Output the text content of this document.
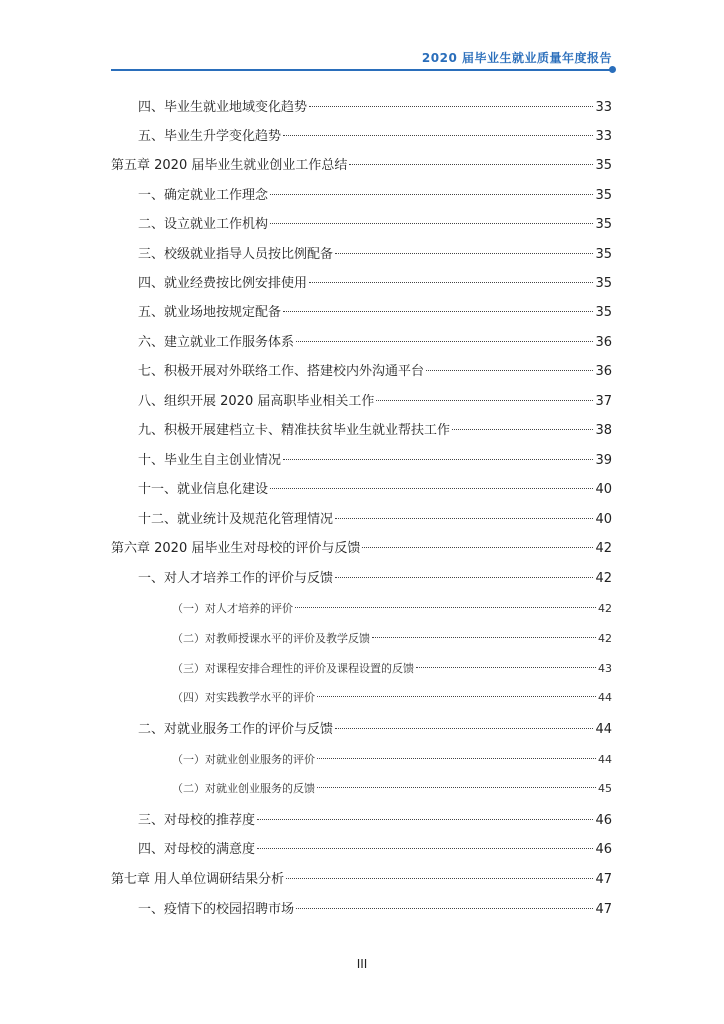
2020 届毕业生就业质量年度报告
四、毕业生就业地域变化趋势	33
五、毕业生升学变化趋势	33
第五章 2020 届毕业生就业创业工作总结	35
一、确定就业工作理念	35
二、设立就业工作机构	35
三、校级就业指导人员按比例配备	35
四、就业经费按比例安排使用	35
五、就业场地按规定配备	35
六、建立就业工作服务体系	36
七、积极开展对外联络工作、搭建校内外沟通平台	36
八、组织开展 2020 届高职毕业相关工作	37
九、积极开展建档立卡、精准扶贫毕业生就业帮扶工作	38
十、毕业生自主创业情况	39
十一、就业信息化建设	40
十二、就业统计及规范化管理情况	40
第六章 2020 届毕业生对母校的评价与反馈	42
一、对人才培养工作的评价与反馈	42
（一）对人才培养的评价	42
（二）对教师授课水平的评价及教学反馈	42
（三）对课程安排合理性的评价及课程设置的反馈	43
（四）对实践教学水平的评价	44
二、对就业服务工作的评价与反馈	44
（一）对就业创业服务的评价	44
（二）对就业创业服务的反馈	45
三、对母校的推荐度	46
四、对母校的满意度	46
第七章 用人单位调研结果分析	47
一、疫情下的校园招聘市场	47
III
